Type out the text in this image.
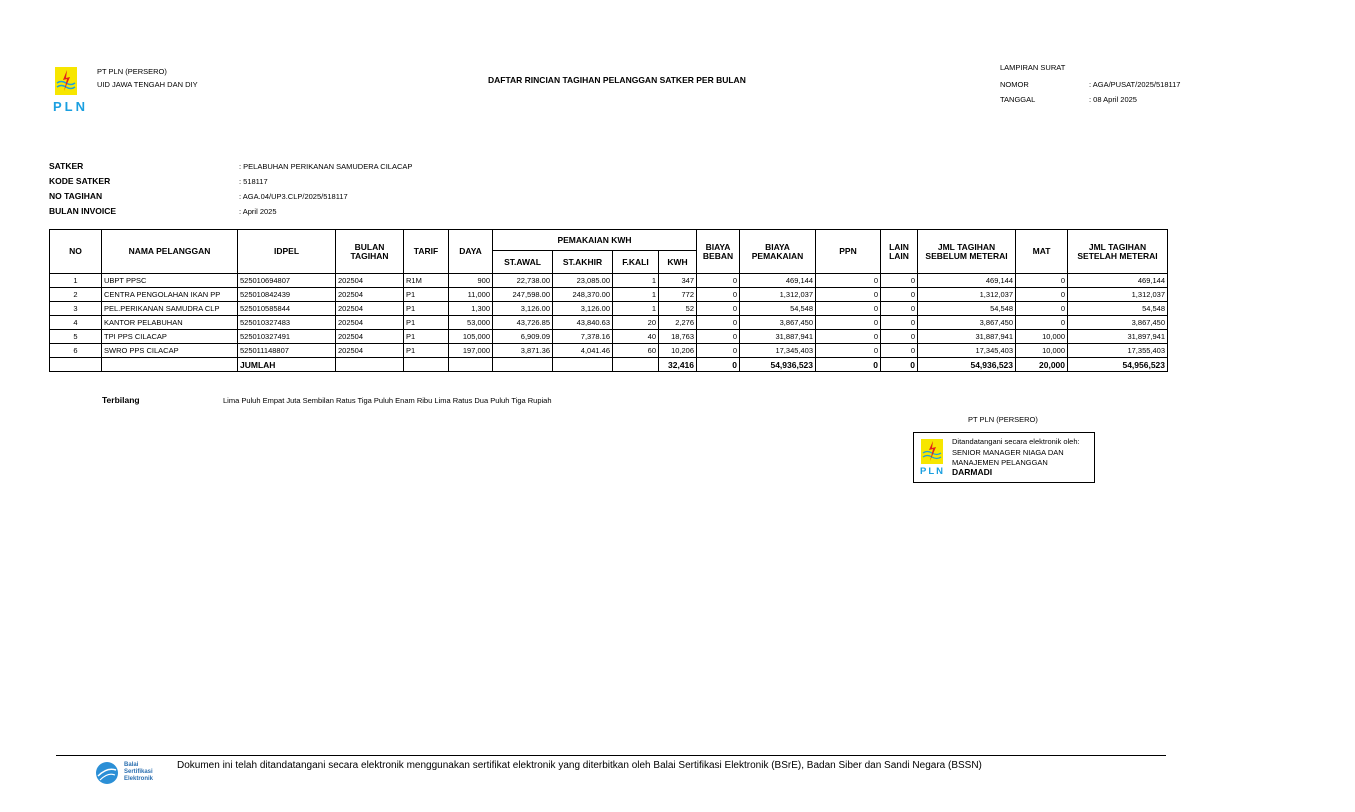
PLN
PT PLN (PERSERO)
UID JAWA TENGAH DAN DIY	DAFTAR RINCIAN TAGIHAN PELANGGAN SATKER PER BULAN
LAMPIRAN SURAT
NOMOR	: AGA/PUSAT/2025/518117
TANGGAL	: 08 April 2025
SATKER	: PELABUHAN PERIKANAN SAMUDERA CILACAP
KODE SATKER	: 518117
NO TAGIHAN	: AGA.04/UP3.CLP/2025/518117
BULAN INVOICE	: April 2025
NO	NAMA PELANGGAN	IDPEL	BULAN TAGIHAN	TARIF	DAYA	PEMAKAIAN KWH				BIAYA BEBAN	BIAYA PEMAKAIAN	PPN	LAIN LAIN	JML TAGIHAN SEBELUM METERAI	MAT	JML TAGIHAN SETELAH METERAI
						ST.AWAL	ST.AKHIR	F.KALI	KWH							
1	UBPT PPSC	525010694807	202504	R1M	900	22,738.00	23,085.00	1	347	0	469,144	0	0	469,144	0	469,144
2	CENTRA PENGOLAHAN IKAN PP	525010842439	202504	P1	11,000	247,598.00	248,370.00	1	772	0	1,312,037	0	0	1,312,037	0	1,312,037
3	PEL.PERIKANAN SAMUDRA CLP	525010585844	202504	P1	1,300	3,126.00	3,126.00	1	52	0	54,548	0	0	54,548	0	54,548
4	KANTOR PELABUHAN	525010327483	202504	P1	53,000	43,726.85	43,840.63	20	2,276	0	3,867,450	0	0	3,867,450	0	3,867,450
5	TPI PPS CILACAP	525010327491	202504	P1	105,000	6,909.09	7,378.16	40	18,763	0	31,887,941	0	0	31,887,941	10,000	31,897,941
6	SWRO PPS CILACAP	525011148807	202504	P1	197,000	3,871.36	4,041.46	60	10,206	0	17,345,403	0	0	17,345,403	10,000	17,355,403
		JUMLAH							32,416	0	54,936,523	0	0	54,936,523	20,000	54,956,523
Terbilang	Lima Puluh Empat Juta Sembilan Ratus Tiga Puluh Enam Ribu Lima Ratus Dua Puluh Tiga Rupiah
PT PLN (PERSERO)
PLN
Ditandatangani secara elektronik oleh:
SENIOR MANAGER NIAGA DAN
MANAJEMEN PELANGGAN
DARMADI
Balai
Sertifikasi
Elektronik
Dokumen ini telah ditandatangani secara elektronik menggunakan sertifikat elektronik yang diterbitkan oleh Balai Sertifikasi Elektronik (BSrE), Badan Siber dan Sandi Negara (BSSN)
